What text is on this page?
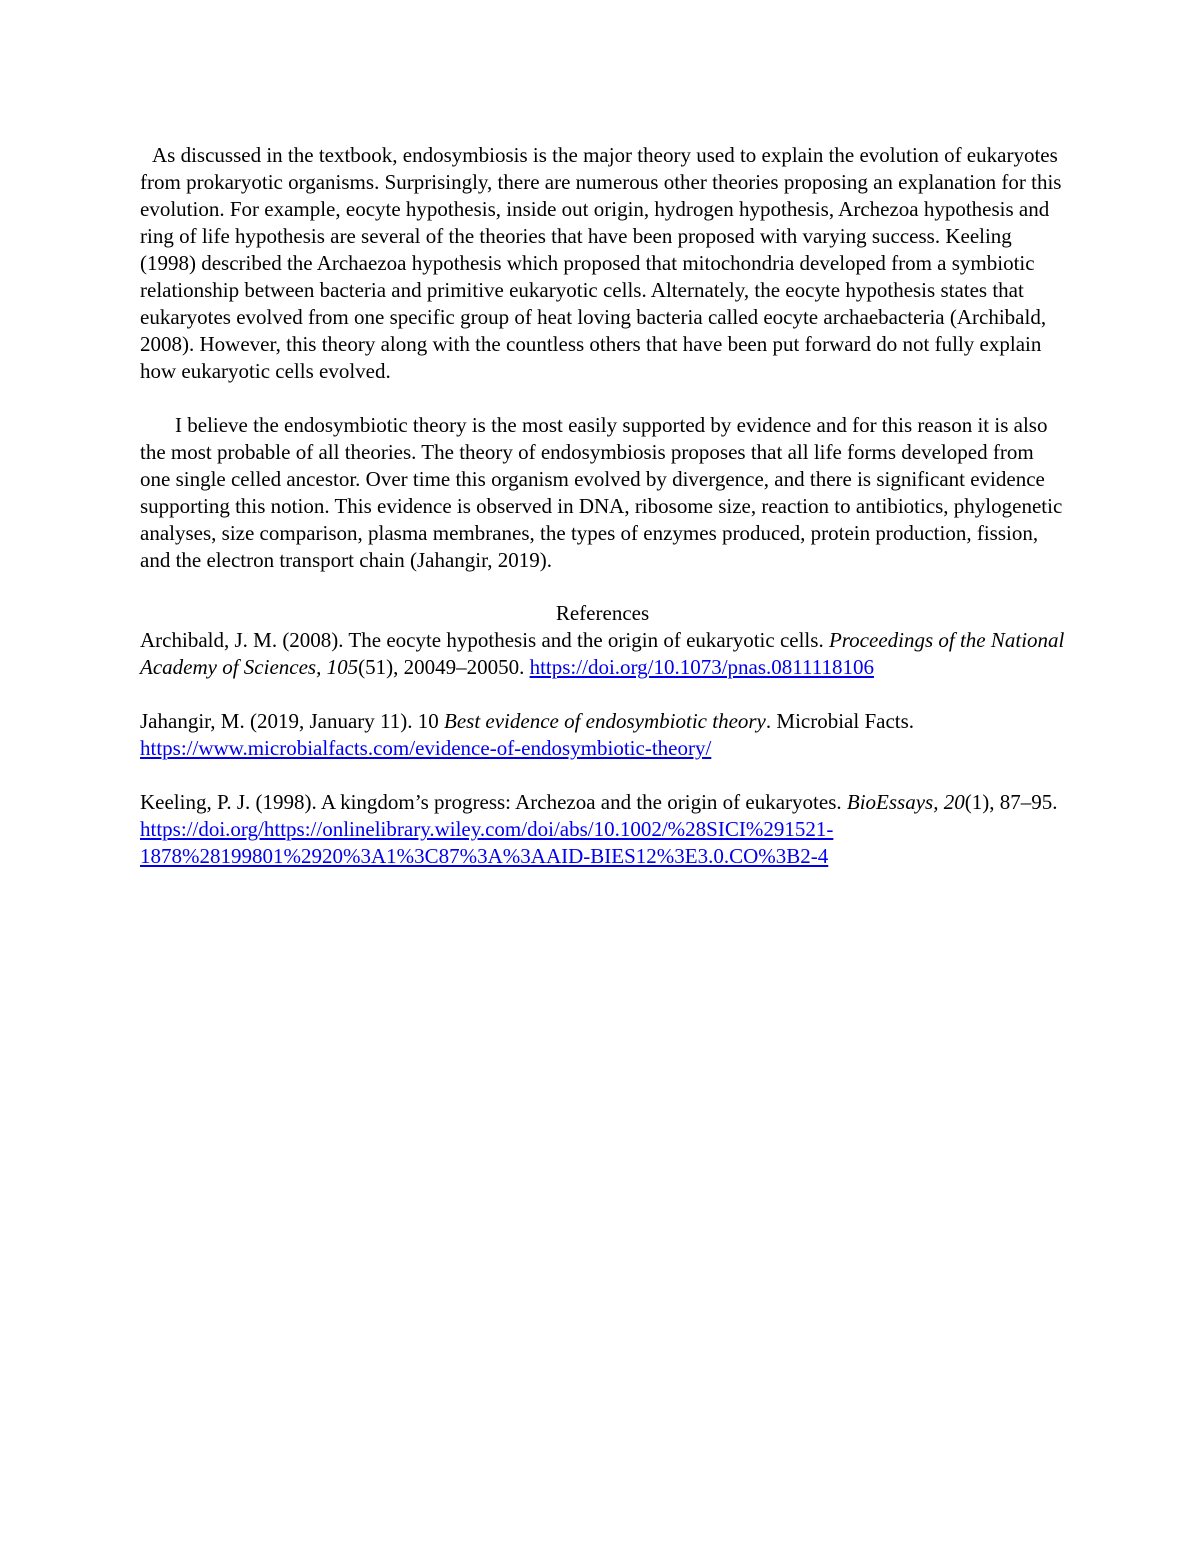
As discussed in the textbook, endosymbiosis is the major theory used to explain the evolution of eukaryotes from prokaryotic organisms. Surprisingly, there are numerous other theories proposing an explanation for this evolution. For example, eocyte hypothesis, inside out origin, hydrogen hypothesis, Archezoa hypothesis and ring of life hypothesis are several of the theories that have been proposed with varying success. Keeling (1998) described the Archaezoa hypothesis which proposed that mitochondria developed from a symbiotic relationship between bacteria and primitive eukaryotic cells. Alternately, the eocyte hypothesis states that eukaryotes evolved from one specific group of heat loving bacteria called eocyte archaebacteria (Archibald, 2008). However, this theory along with the countless others that have been put forward do not fully explain how eukaryotic cells evolved.

I believe the endosymbiotic theory is the most easily supported by evidence and for this reason it is also the most probable of all theories. The theory of endosymbiosis proposes that all life forms developed from one single celled ancestor. Over time this organism evolved by divergence, and there is significant evidence supporting this notion. This evidence is observed in DNA, ribosome size, reaction to antibiotics, phylogenetic analyses, size comparison, plasma membranes, the types of enzymes produced, protein production, fission, and the electron transport chain (Jahangir, 2019).

References

Archibald, J. M. (2008). The eocyte hypothesis and the origin of eukaryotic cells. Proceedings of the National Academy of Sciences, 105(51), 20049–20050. https://doi.org/10.1073/pnas.0811118106

Jahangir, M. (2019, January 11). 10 Best evidence of endosymbiotic theory. Microbial Facts. https://www.microbialfacts.com/evidence-of-endosymbiotic-theory/

Keeling, P. J. (1998). A kingdom’s progress: Archezoa and the origin of eukaryotes. BioEssays, 20(1), 87–95. https://doi.org/https://onlinelibrary.wiley.com/doi/abs/10.1002/%28SICI%291521-1878%28199801%2920%3A1%3C87%3A%3AAID-BIES12%3E3.0.CO%3B2-4
